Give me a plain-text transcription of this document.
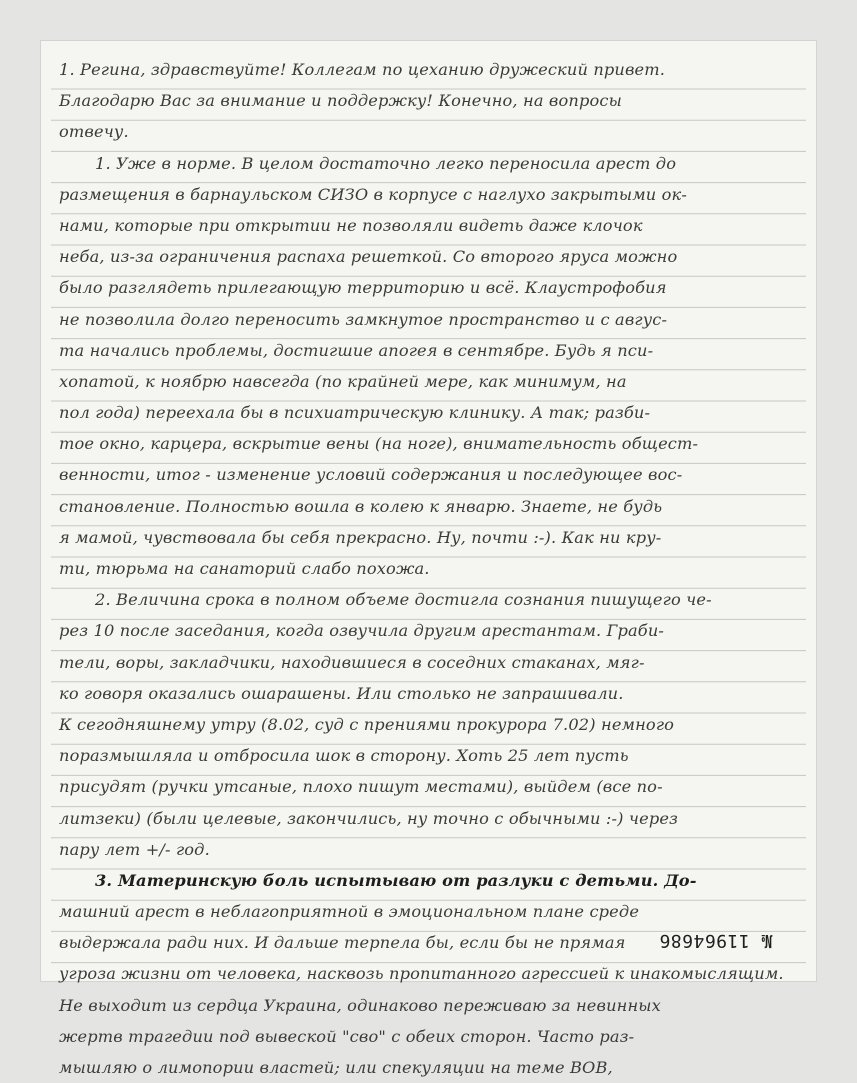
1. Регина, здравствуйте! Коллегам по цеханию дружеский привет.
Благодарю Вас за внимание и поддержку! Конечно, на вопросы
отвечу.
1. Уже в норме. В целом достаточно легко переносила арест до
размещения в барнаульском СИЗО в корпусе с наглухо закрытыми ок-
нами, которые при открытии не позволяли видеть даже клочок
неба, из-за ограничения распаха решеткой. Со второго яруса можно
было разглядеть прилегающую территорию и всё. Клаустрофобия
не позволила долго переносить замкнутое пространство и с авгус-
та начались проблемы, достигшие апогея в сентябре. Будь я пси-
хопатой, к ноябрю навсегда (по крайней мере, как минимум, на
пол года) переехала бы в психиатрическую клинику. А так; разби-
тое окно, карцера, вскрытие вены (на ноге), внимательность общест-
венности, итог - изменение условий содержания и последующее вос-
становление. Полностью вошла в колею к январю. Знаете, не будь
я мамой, чувствовала бы себя прекрасно. Ну, почти :-). Как ни кру-
ти, тюрьма на санаторий слабо похожа.
2. Величина срока в полном объеме достигла сознания пишущего че-
рез 10 после заседания, когда озвучила другим арестантам. Граби-
тели, воры, закладчики, находившиеся в соседних стаканах, мяг-
ко говоря оказались ошарашены. Или столько не запрашивали.
К сегодняшнему утру (8.02, суд с прениями прокурора 7.02) немного
поразмышляла и отбросила шок в сторону. Хоть 25 лет пусть
присудят (ручки утсаные, плохо пишут местами), выйдем (все по-
литзеки) (были целевые, закончились, ну точно с обычными :-) через
пару лет +/- год.
3. Материнскую боль испытываю от разлуки с детьми. До-
машний арест в неблагоприятной в эмоциональном плане среде
выдержала ради них. И дальше терпела бы, если бы не прямая
угроза жизни от человека, насквозь пропитанного агрессией к инакомыслящим.
Не выходит из сердца Украина, одинаково переживаю за невинных
жертв трагедии под вывеской "сво" с обеих сторон. Часто раз-
мышляю о лимопории властей; или спекуляции на теме ВОВ,
№ 11964686
